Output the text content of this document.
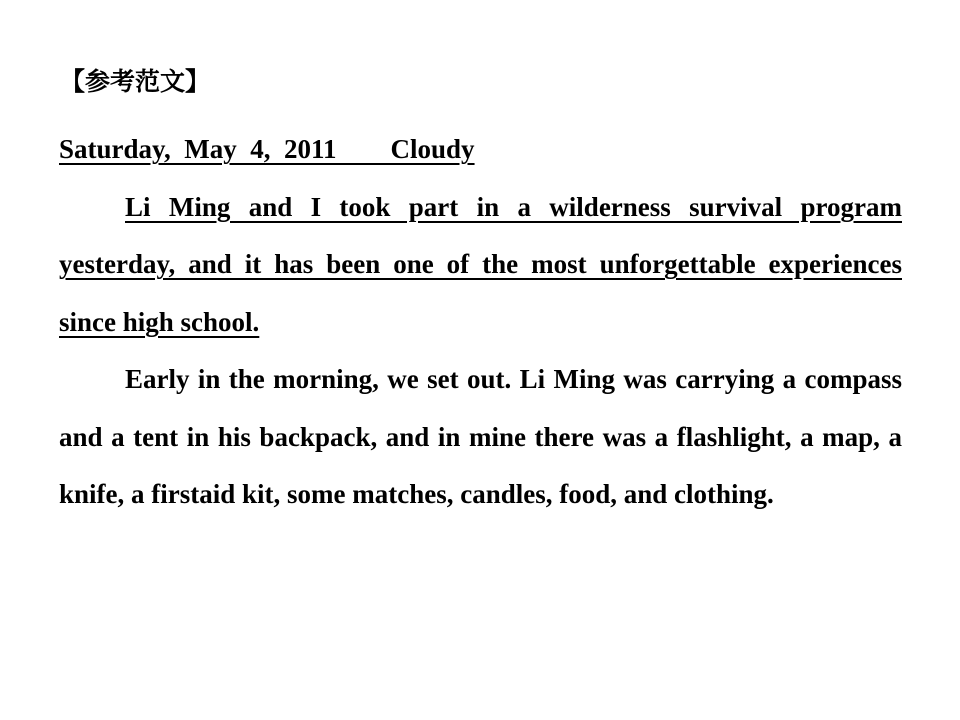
【参考范文】
Saturday,  May  4,  2011        Cloudy

Li Ming and I took part in a wilderness survival program yesterday, and it has been one of the most unforgettable experiences since high school.

Early in the morning, we set out. Li Ming was carrying a compass and a tent in his backpack, and in mine there was a flashlight, a map, a knife, a firstaid kit, some matches, candles, food, and clothing.
